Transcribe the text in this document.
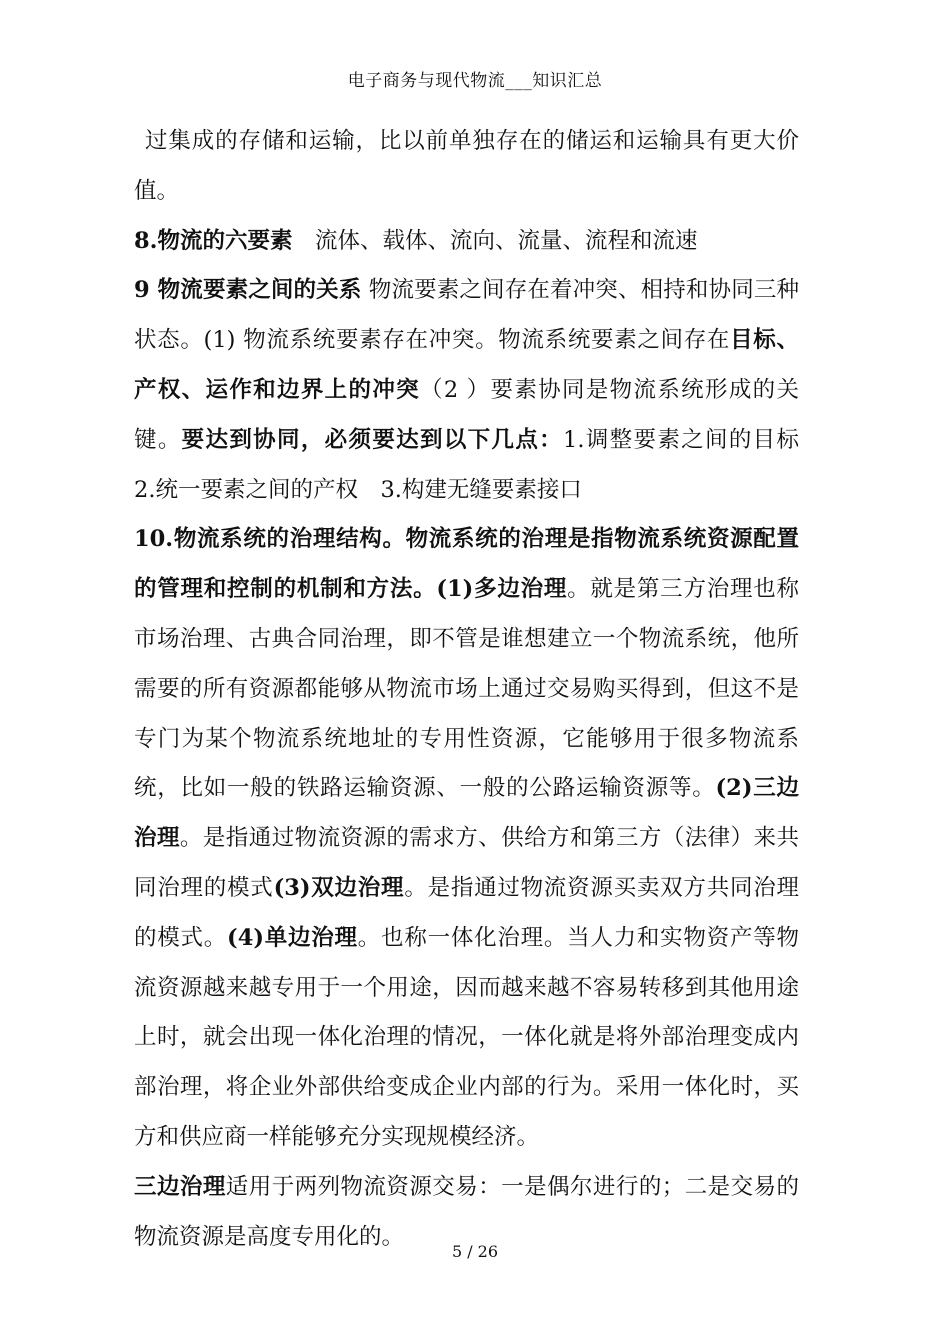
电子商务与现代物流___知识汇总

过集成的存储和运输，比以前单独存在的储运和运输具有更大价值。

8.物流的六要素　流体、载体、流向、流量、流程和流速

9 物流要素之间的关系 物流要素之间存在着冲突、相持和协同三种状态。(1) 物流系统要素存在冲突。物流系统要素之间存在目标、产权、运作和边界上的冲突（2 ）要素协同是物流系统形成的关键。要达到协同，必须要达到以下几点：1.调整要素之间的目标　2.统一要素之间的产权　3.构建无缝要素接口

10.物流系统的治理结构。物流系统的治理是指物流系统资源配置的管理和控制的机制和方法。(1)多边治理。就是第三方治理也称市场治理、古典合同治理，即不管是谁想建立一个物流系统，他所需要的所有资源都能够从物流市场上通过交易购买得到，但这不是专门为某个物流系统地址的专用性资源，它能够用于很多物流系统，比如一般的铁路运输资源、一般的公路运输资源等。(2)三边治理。是指通过物流资源的需求方、供给方和第三方（法律）来共同治理的模式(3)双边治理。是指通过物流资源买卖双方共同治理的模式。(4)单边治理。也称一体化治理。当人力和实物资产等物流资源越来越专用于一个用途，因而越来越不容易转移到其他用途上时，就会出现一体化治理的情况，一体化就是将外部治理变成内部治理，将企业外部供给变成企业内部的行为。采用一体化时，买方和供应商一样能够充分实现规模经济。

三边治理适用于两列物流资源交易：一是偶尔进行的；二是交易的物流资源是高度专用化的。

5 / 26
